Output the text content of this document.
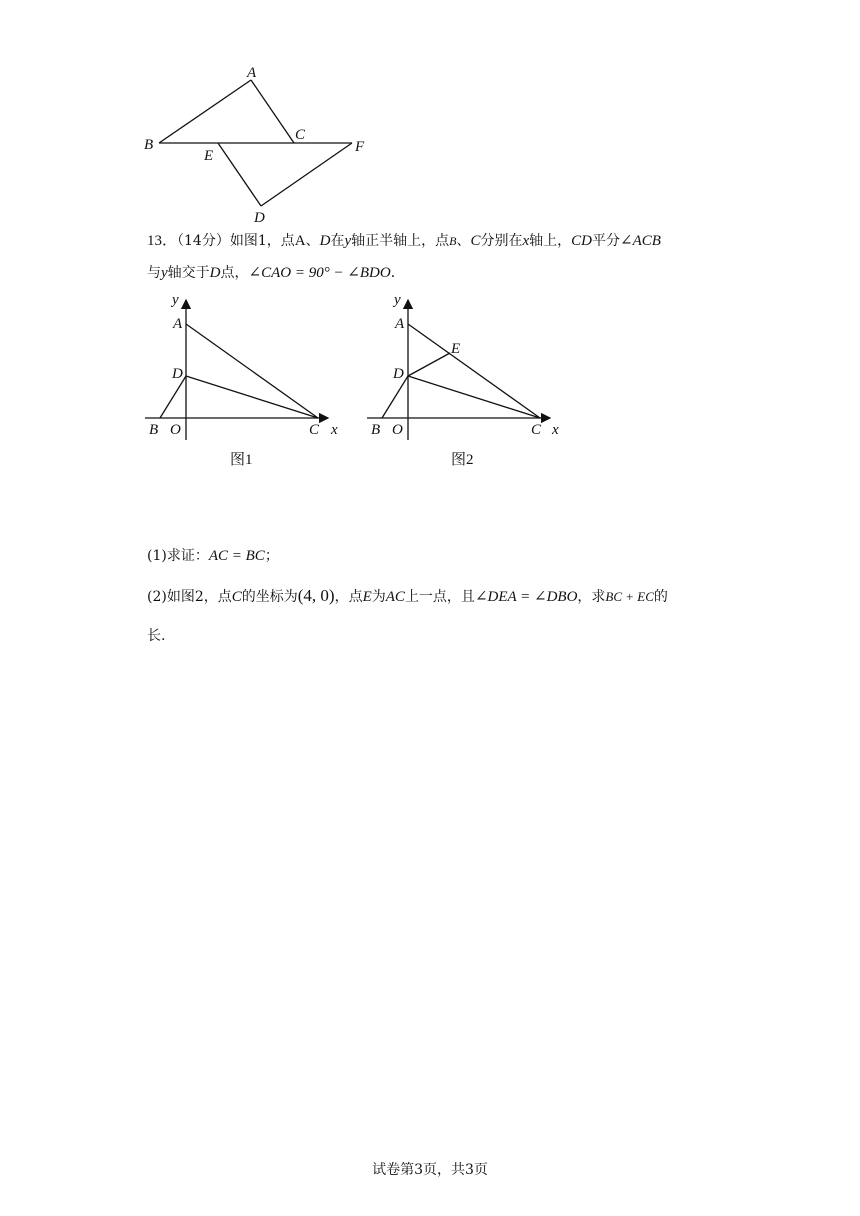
A
B
C
E
F
D
13．（14分）如图1，点A、D在y轴正半轴上，点B、C分别在x轴上，CD平分∠ACB
与y轴交于D点，∠CAO = 90° − ∠BDO．
y
A
D
B O	C x
图1
y
A
E
D
B O	C x
图2
(1)求证：AC = BC；
(2)如图2，点C的坐标为(4, 0)，点E为AC上一点，且∠DEA = ∠DBO，求BC + EC的
长.
试卷第3页，共3页
